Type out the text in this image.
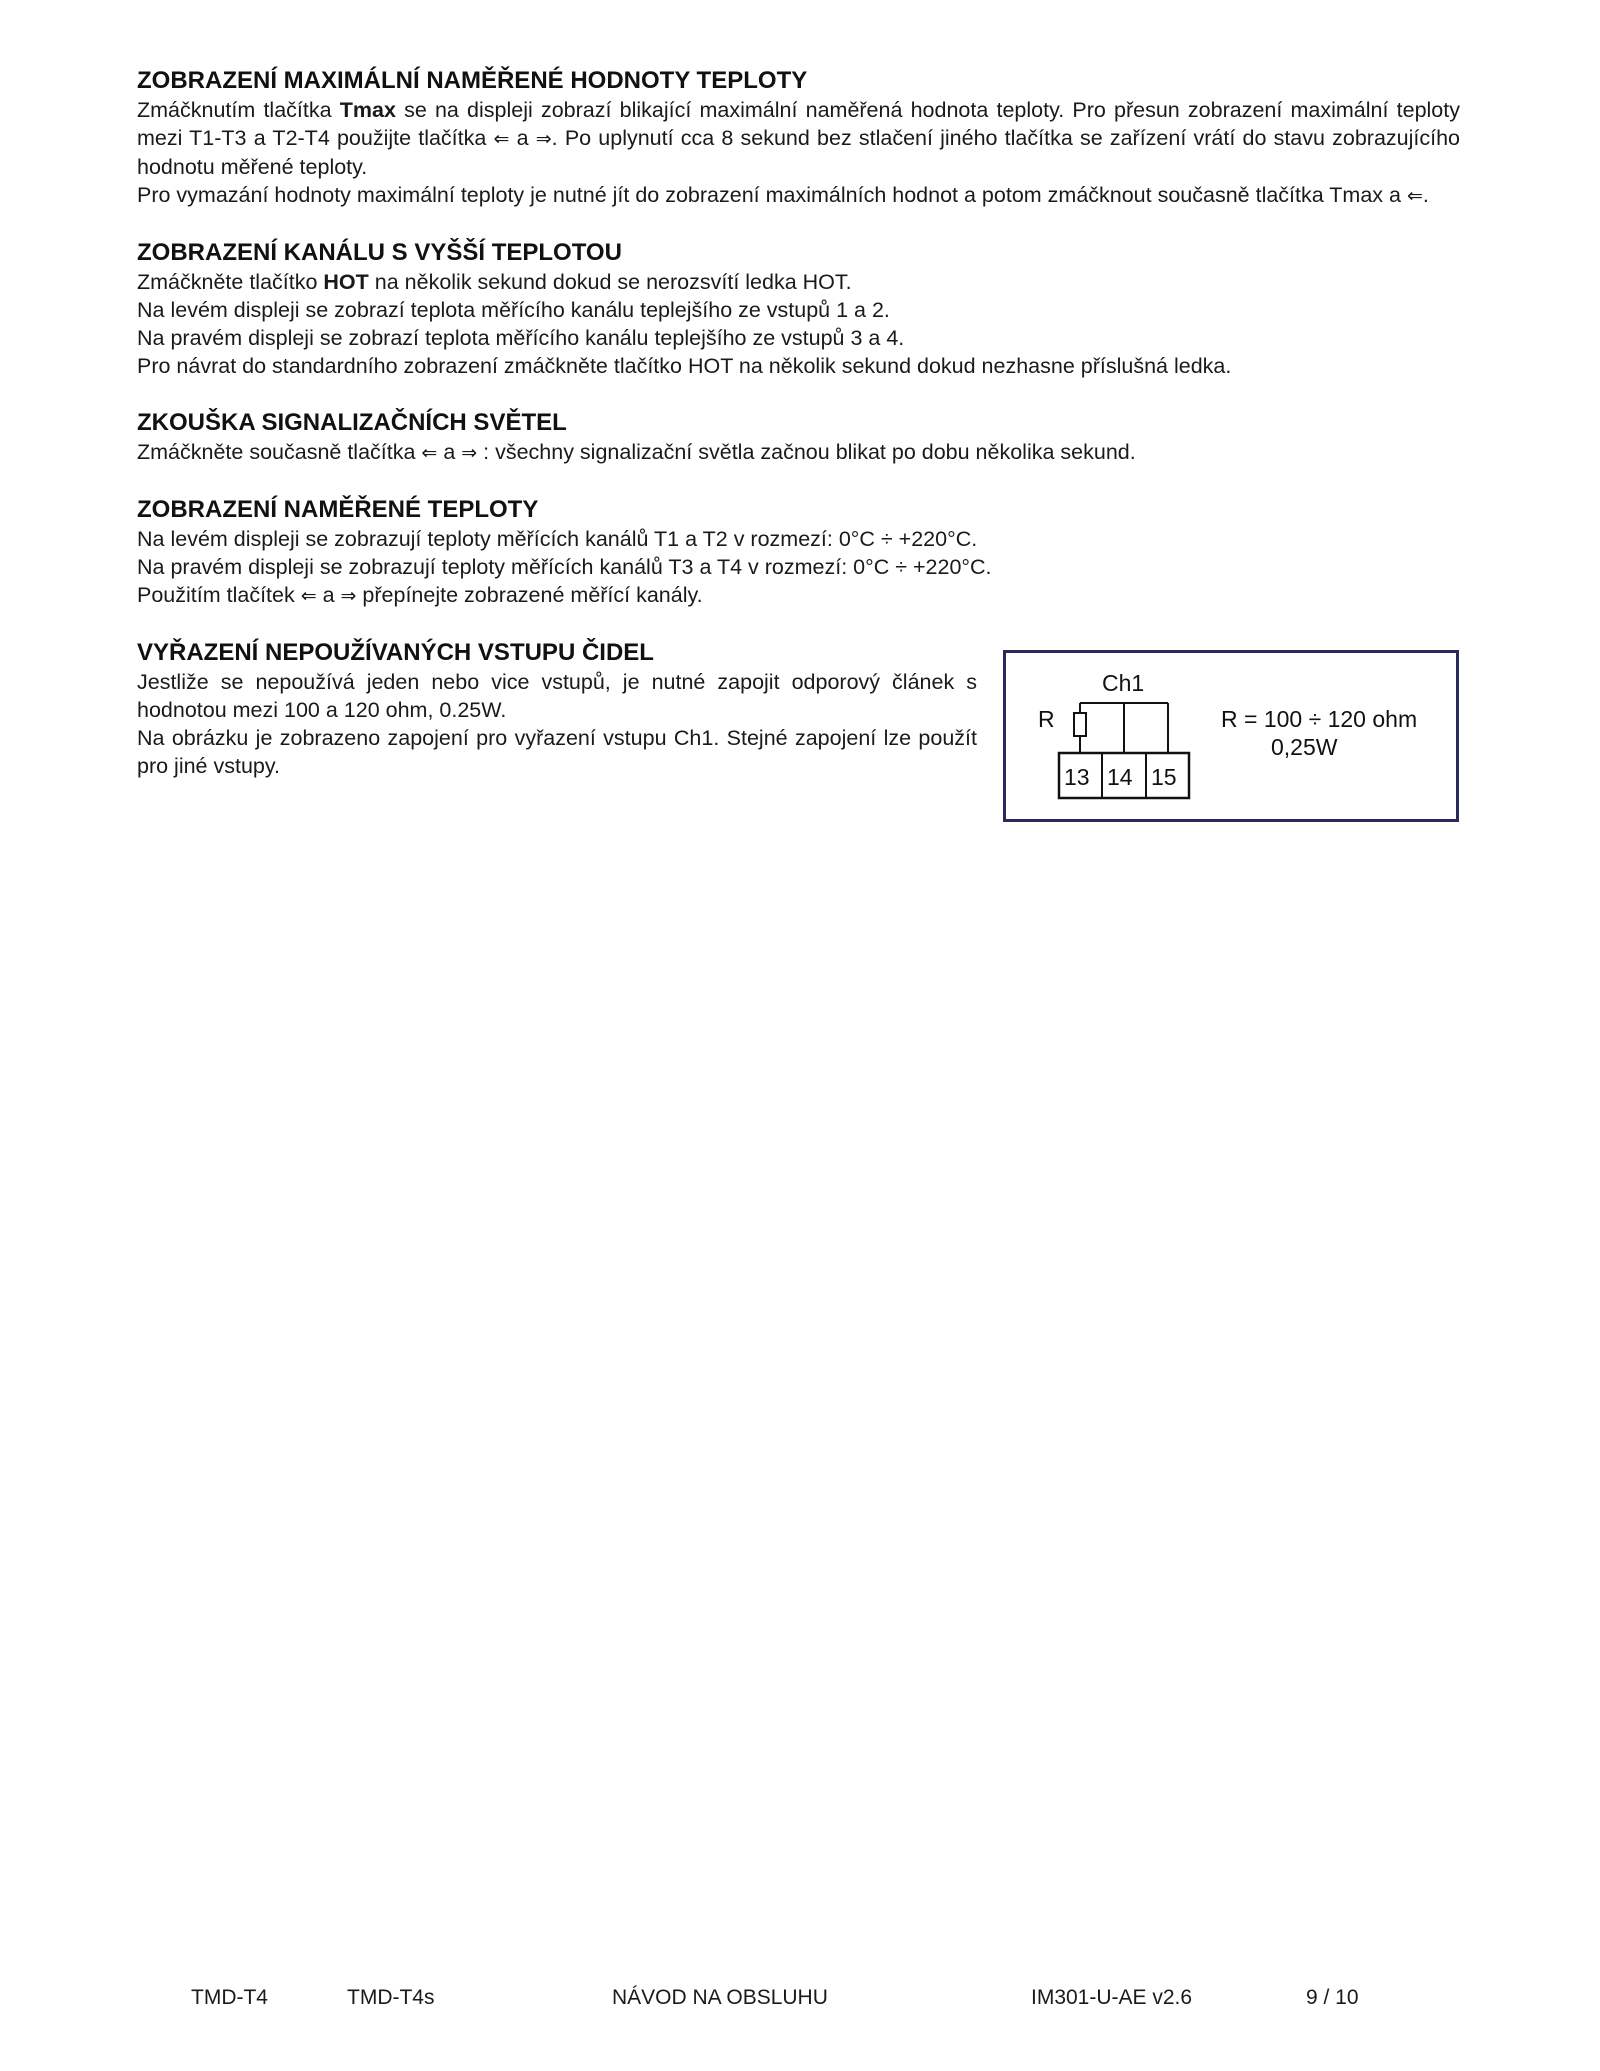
ZOBRAZENÍ MAXIMÁLNÍ NAMĚŘENÉ HODNOTY TEPLOTY

Zmáčknutím tlačítka Tmax se na displeji zobrazí blikající maximální naměřená hodnota teploty. Pro přesun zobrazení maximální teploty mezi T1-T3 a T2-T4 použijte tlačítka ⇐ a ⇒. Po uplynutí cca 8 sekund bez stlačení jiného tlačítka se zařízení vrátí do stavu zobrazujícího hodnotu měřené teploty.

Pro vymazání hodnoty maximální teploty je nutné jít do zobrazení maximálních hodnot a potom zmáčknout současně tlačítka Tmax a ⇐.

ZOBRAZENÍ KANÁLU S VYŠŠÍ TEPLOTOU

Zmáčkněte tlačítko HOT na několik sekund dokud se nerozsvítí ledka HOT.

Na levém displeji se zobrazí teplota měřícího kanálu teplejšího ze vstupů 1 a 2.

Na pravém displeji se zobrazí teplota měřícího kanálu teplejšího ze vstupů 3 a 4.

Pro návrat do standardního zobrazení zmáčkněte tlačítko HOT na několik sekund dokud nezhasne příslušná ledka.

ZKOUŠKA SIGNALIZAČNÍCH SVĚTEL

Zmáčkněte současně tlačítka ⇐ a ⇒ : všechny signalizační světla začnou blikat po dobu několika sekund.

ZOBRAZENÍ NAMĚŘENÉ TEPLOTY

Na levém displeji se zobrazují teploty měřících kanálů T1 a T2 v rozmezí: 0°C ÷ +220°C.

Na pravém displeji se zobrazují teploty měřících kanálů T3 a T4 v rozmezí: 0°C ÷ +220°C.

Použitím tlačítek ⇐ a ⇒ přepínejte zobrazené měřící kanály.

VYŘAZENÍ NEPOUŽÍVANÝCH VSTUPU ČIDEL

Jestliže se nepoužívá jeden nebo vice vstupů, je nutné zapojit odporový článek s hodnotou mezi 100 a 120 ohm, 0.25W.

Na obrázku je zobrazeno zapojení pro vyřazení vstupu Ch1. Stejné zapojení lze použít pro jiné vstupy.

Ch1
R
13 14 15
R = 100 ÷ 120 ohm
0,25W
TMD-T4	TMD-T4s	NÁVOD NA OBSLUHU	IM301-U-AE v2.6	9 / 10
